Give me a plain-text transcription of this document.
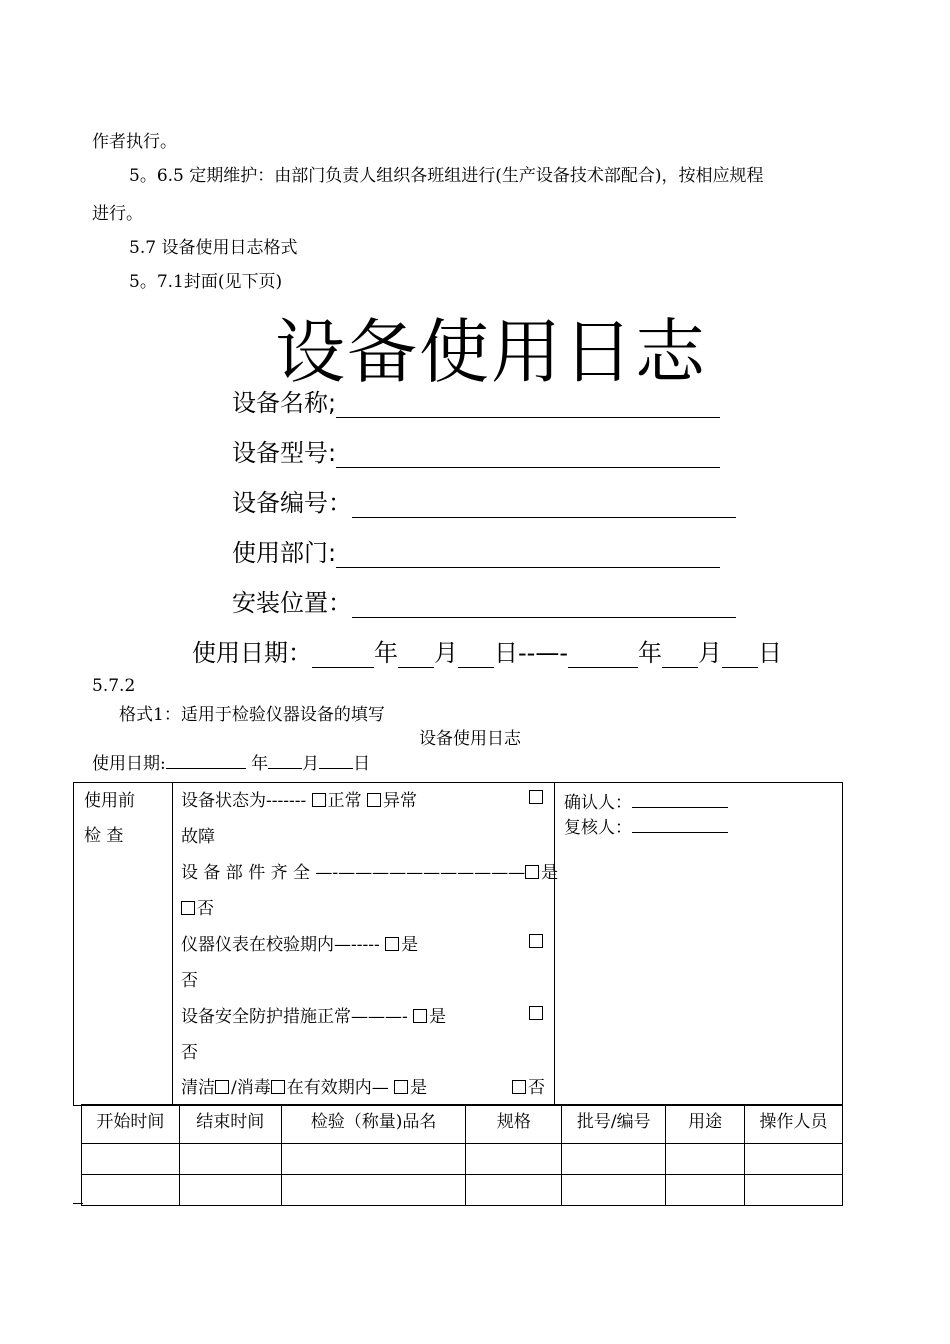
作者执行。
5。6.5 定期维护：由部门负责人组织各班组进行(生产设备技术部配合)，按相应规程
进行。
5.7 设备使用日志格式
5。7.1封面(见下页)
设备使用日志
设备名称;
设备型号:
设备编号：
使用部门:
安装位置：
使用日期：	年 月 日--—-	年 月 日
5.7.2
格式1：适用于检验仪器设备的填写
设备使用日志
使用日期:	年 月 日
使用前
检 查
设备状态为------- 正常 异常
故障
设 备 部 件 齐 全 —-——————————— 是
否
仪器仪表在校验期内—----- 是
否
设备安全防护措施正常———- 是
否
清洁 /消毒 在有效期内— 是	否
确认人：
复核人：
开始时间	结束时间	检验（称量)品名	规格	批号/编号	用途	操作人员
